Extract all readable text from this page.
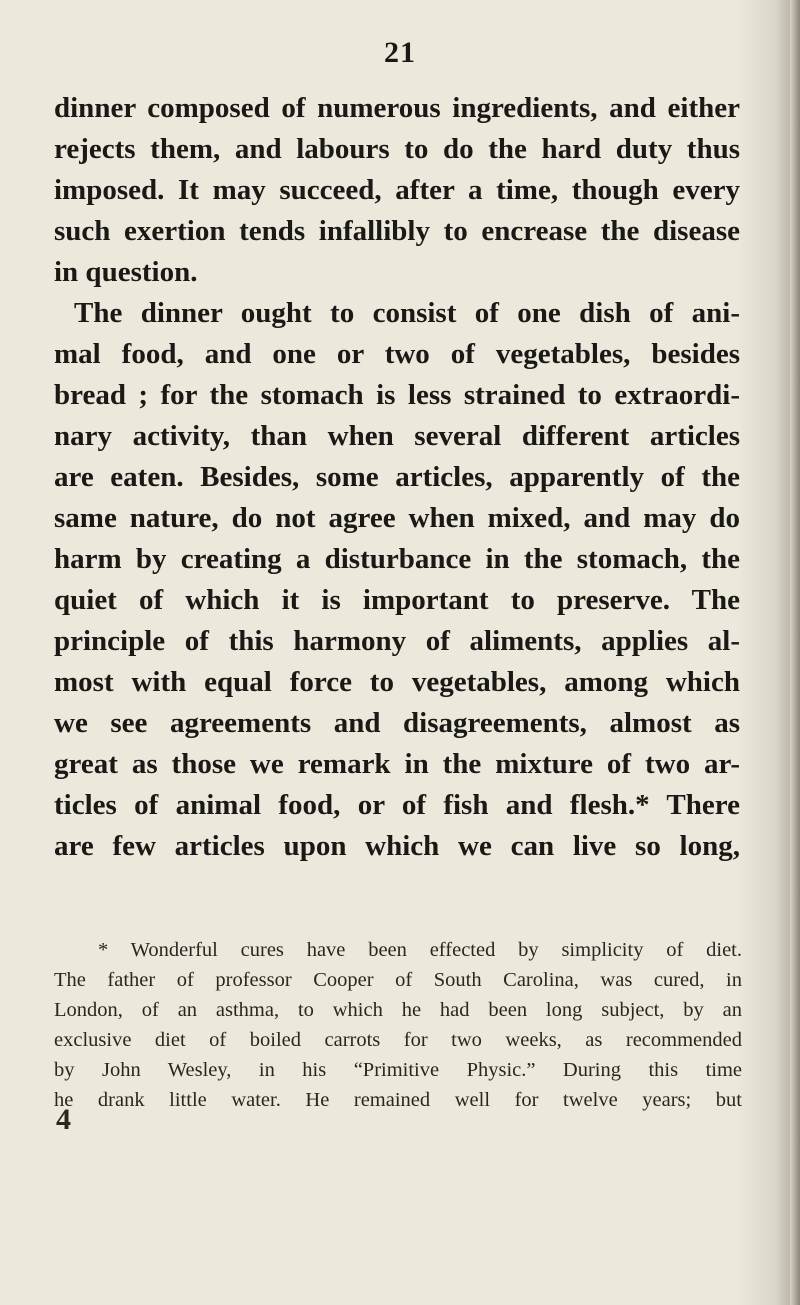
21
dinner composed of numerous ingredients, and either
rejects them, and labours to do the hard duty thus
imposed. It may succeed, after a time, though every
such exertion tends infallibly to encrease the disease
in question.
The dinner ought to consist of one dish of ani-
mal food, and one or two of vegetables, besides
bread ; for the stomach is less strained to extraordi-
nary activity, than when several different articles
are eaten. Besides, some articles, apparently of the
same nature, do not agree when mixed, and may do
harm by creating a disturbance in the stomach, the
quiet of which it is important to preserve. The
principle of this harmony of aliments, applies al-
most with equal force to vegetables, among which
we see agreements and disagreements, almost as
great as those we remark in the mixture of two ar-
ticles of animal food, or of fish and flesh.* There
are few articles upon which we can live so long,
* Wonderful cures have been effected by simplicity of diet.
The father of professor Cooper of South Carolina, was cured, in
London, of an asthma, to which he had been long subject, by an
exclusive diet of boiled carrots for two weeks, as recommended
by John Wesley, in his “Primitive Physic.” During this time
he drank little water. He remained well for twelve years; but
4
